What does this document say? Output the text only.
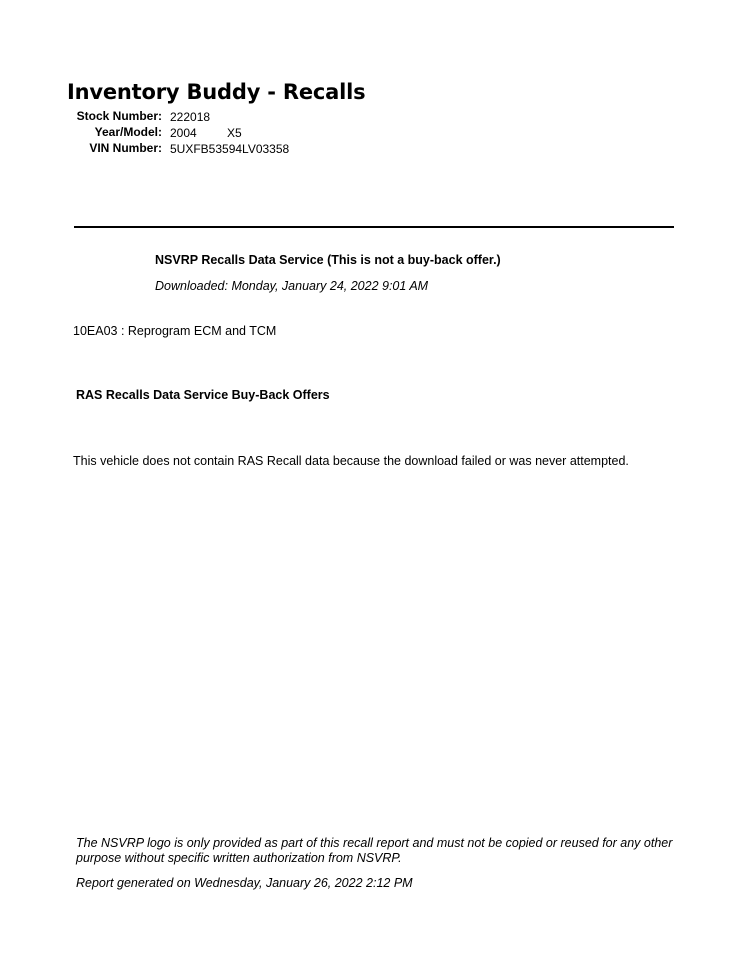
Inventory Buddy - Recalls
Stock Number: 222018
Year/Model: 2004	X5
VIN Number: 5UXFB53594LV03358
NSVRP Recalls Data Service (This is not a buy-back offer.)
Downloaded: Monday, January 24, 2022 9:01 AM
10EA03 : Reprogram ECM and TCM
RAS Recalls Data Service Buy-Back Offers
This vehicle does not contain RAS Recall data because the download failed or was never attempted.
The NSVRP logo is only provided as part of this recall report and must not be copied or reused for any other purpose without specific written authorization from NSVRP.
Report generated on Wednesday, January 26, 2022 2:12 PM
